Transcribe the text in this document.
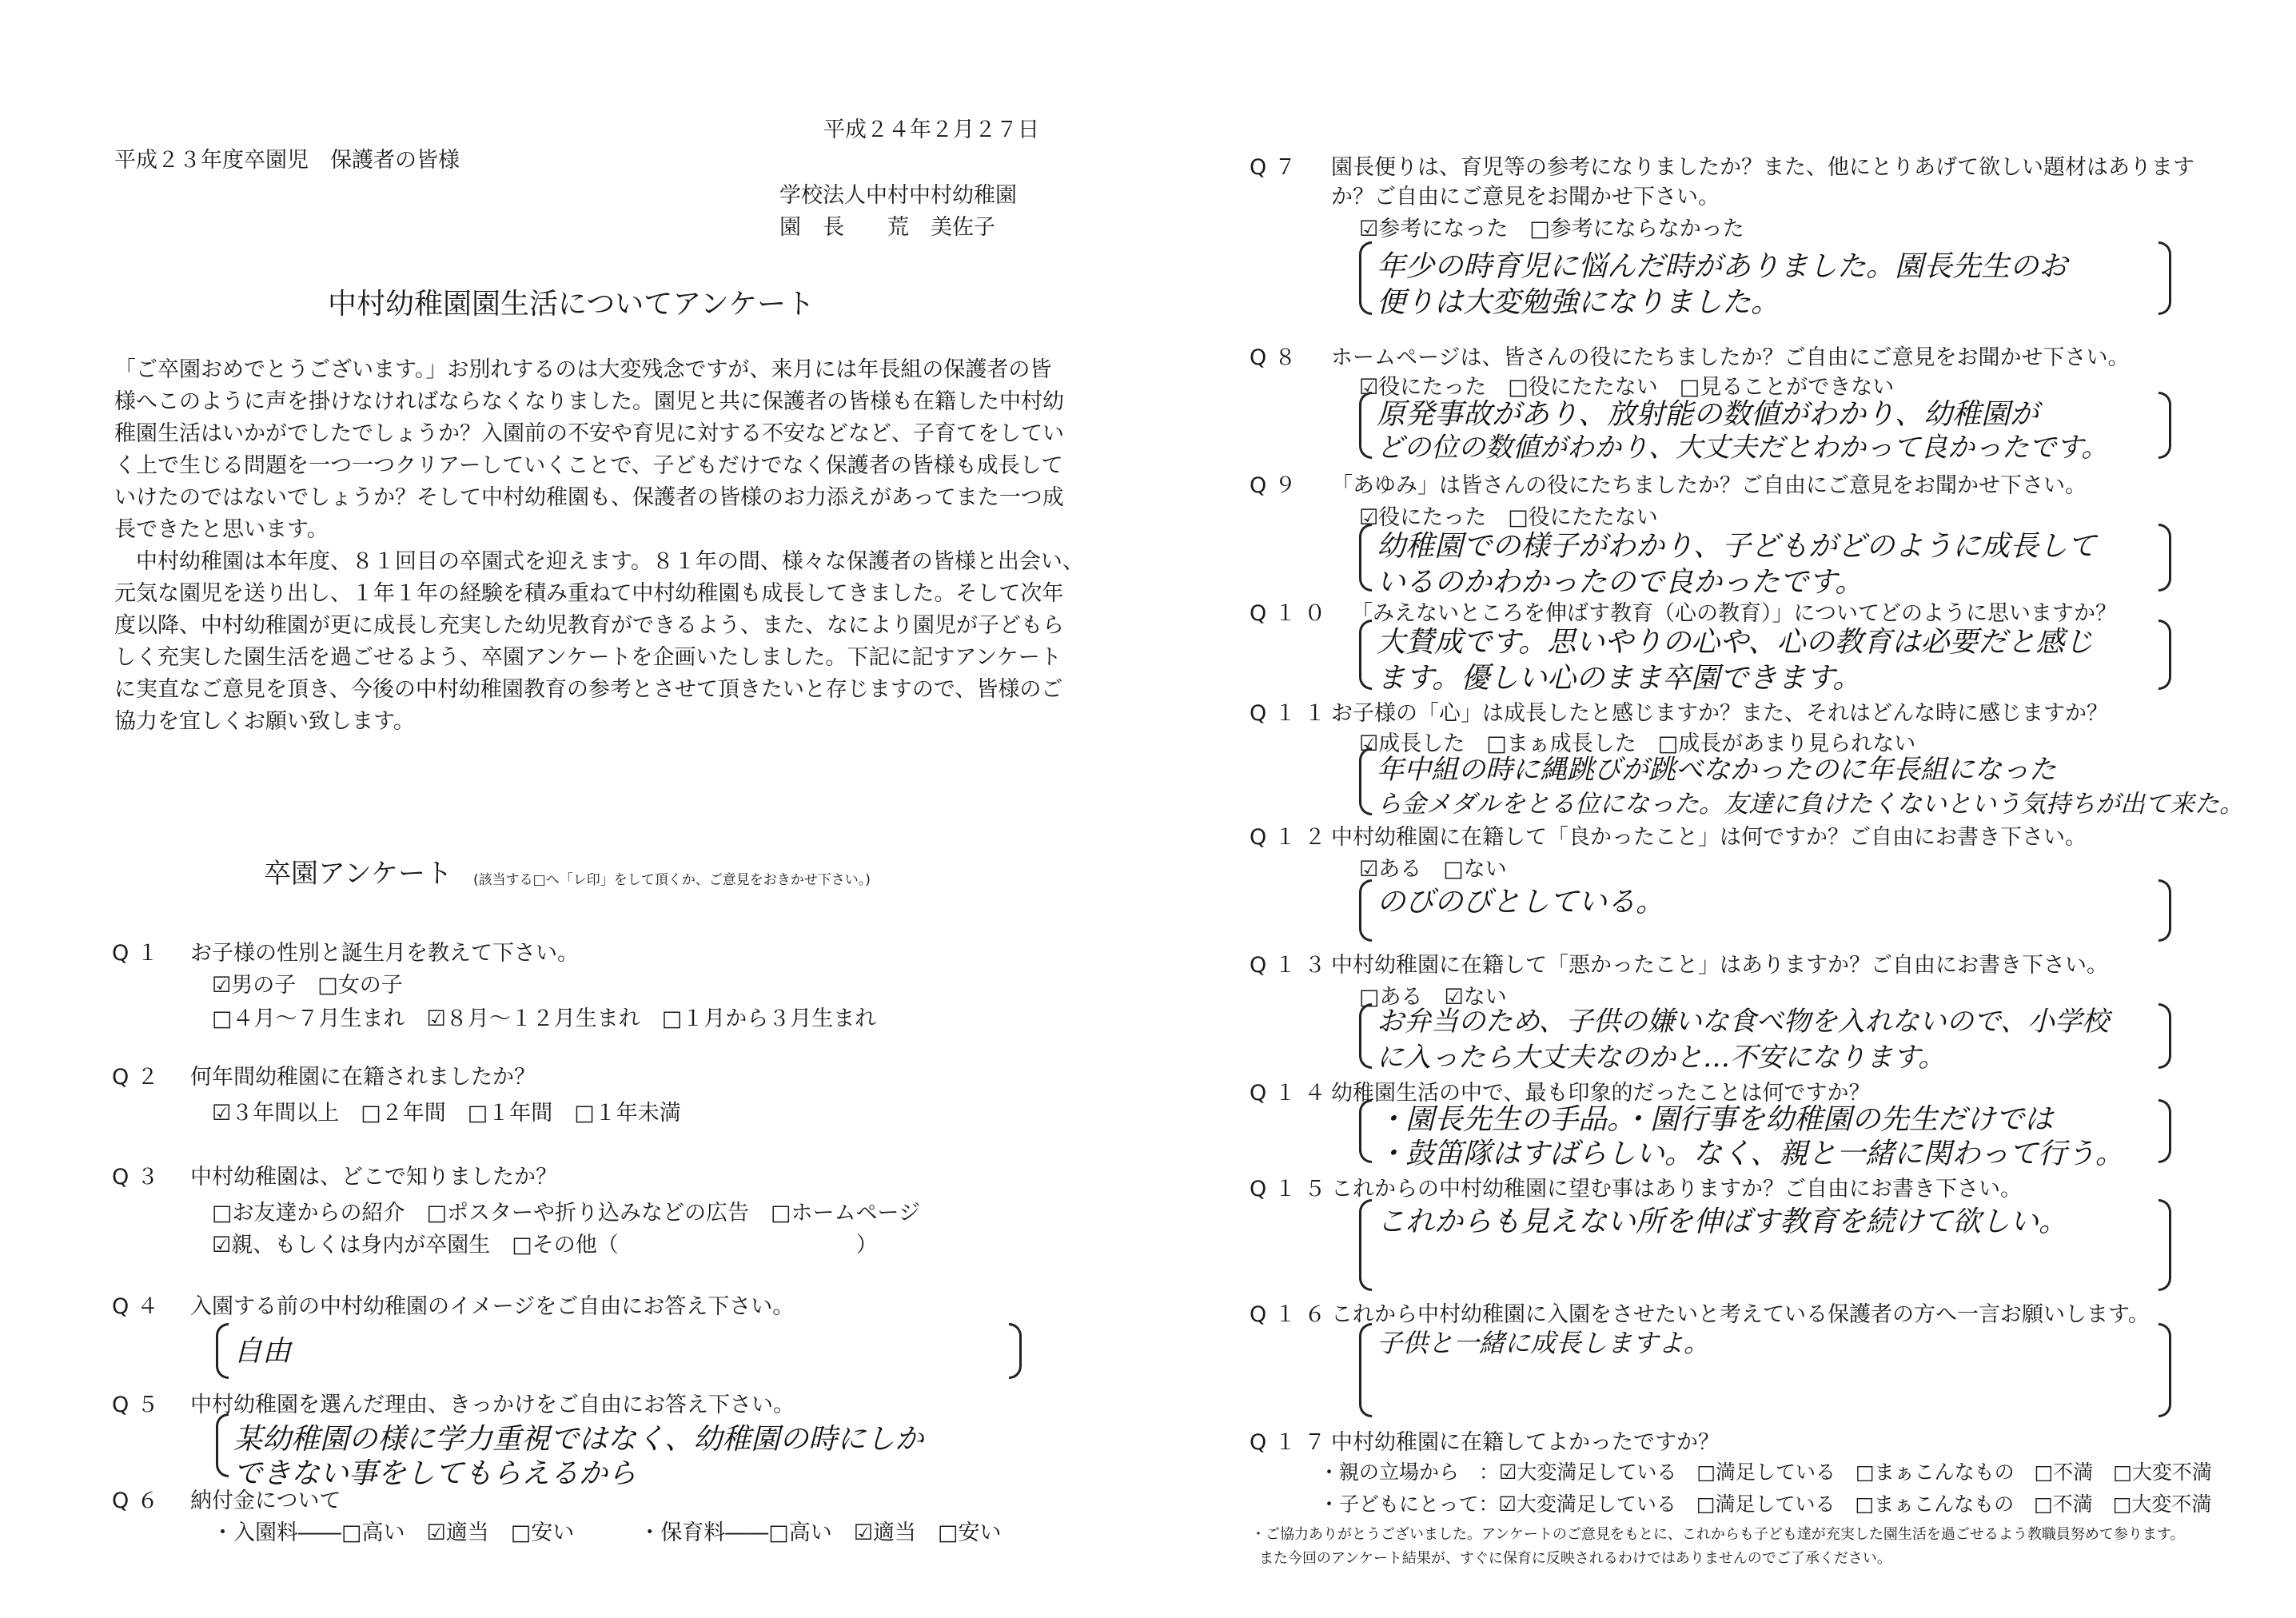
平成２４年２月２７日
平成２３年度卒園児　保護者の皆様
学校法人中村中村幼稚園
園　長　　荒　美佐子
中村幼稚園園生活についてアンケート
「ご卒園おめでとうございます。」お別れするのは大変残念ですが、来月には年長組の保護者の皆
様へこのように声を掛けなければならなくなりました。園児と共に保護者の皆様も在籍した中村幼
稚園生活はいかがでしたでしょうか？入園前の不安や育児に対する不安などなど、子育てをしてい
く上で生じる問題を一つ一つクリアーしていくことで、子どもだけでなく保護者の皆様も成長して
いけたのではないでしょうか？そして中村幼稚園も、保護者の皆様のお力添えがあってまた一つ成
長できたと思います。
　中村幼稚園は本年度、８１回目の卒園式を迎えます。８１年の間、様々な保護者の皆様と出会い、
元気な園児を送り出し、１年１年の経験を積み重ねて中村幼稚園も成長してきました。そして次年
度以降、中村幼稚園が更に成長し充実した幼児教育ができるよう、また、なにより園児が子どもら
しく充実した園生活を過ごせるよう、卒園アンケートを企画いたしました。下記に記すアンケート
に実直なご意見を頂き、今後の中村幼稚園教育の参考とさせて頂きたいと存じますので、皆様のご
協力を宜しくお願い致します。
卒園アンケート (該当する□へ「レ印」をして頂くか、ご意見をおきかせ下さい。)
Q１ お子様の性別と誕生月を教えて下さい。
☑男の子　□女の子
□４月～７月生まれ　☑８月～１２月生まれ　□１月から３月生まれ
Q２ 何年間幼稚園に在籍されましたか？
☑３年間以上　□２年間　□１年間　□１年未満
Q３ 中村幼稚園は、どこで知りましたか？
□お友達からの紹介　□ポスターや折り込みなどの広告　□ホームページ
☑親、もしくは身内が卒園生　□その他（　　　　　　　　　　　）
Q４ 入園する前の中村幼稚園のイメージをご自由にお答え下さい。
自由
Q５ 中村幼稚園を選んだ理由、きっかけをご自由にお答え下さい。
某幼稚園の様に学力重視ではなく、幼稚園の時にしか
できない事をしてもらえるから
Q６ 納付金について
・入園料――□高い　☑適当　□安い　　　・保育料――□高い　☑適当　□安い
Q７ 園長便りは、育児等の参考になりましたか？また、他にとりあげて欲しい題材はあります
か？ご自由にご意見をお聞かせ下さい。
☑参考になった　□参考にならなかった
年少の時育児に悩んだ時がありました。園長先生のお
便りは大変勉強になりました。
Q８ ホームページは、皆さんの役にたちましたか？ご自由にご意見をお聞かせ下さい。
☑役にたった　□役にたたない　□見ることができない
原発事故があり、放射能の数値がわかり、幼稚園が
どの位の数値がわかり、大丈夫だとわかって良かったです。
Q９ 「あゆみ」は皆さんの役にたちましたか？ご自由にご意見をお聞かせ下さい。
☑役にたった　□役にたたない
幼稚園での様子がわかり、子どもがどのように成長して
いるのかわかったので良かったです。
Q１０ 「みえないところを伸ばす教育（心の教育）」についてどのように思いますか？
大賛成です。思いやりの心や、心の教育は必要だと感じ
ます。優しい心のまま卒園できます。
Q１１
お子様の「心」は成長したと感じますか？また、それはどんな時に感じますか？
☑成長した　□まぁ成長した　□成長があまり見られない
年中組の時に縄跳びが跳べなかったのに年長組になった
ら金メダルをとる位になった。友達に負けたくないという気持ちが出て来た。
Q１２
中村幼稚園に在籍して「良かったこと」は何ですか？ご自由にお書き下さい。
☑ある　□ない
のびのびとしている。
Q１３
中村幼稚園に在籍して「悪かったこと」はありますか？ご自由にお書き下さい。
□ある　☑ない
お弁当のため、子供の嫌いな食べ物を入れないので、小学校
に入ったら大丈夫なのかと…不安になります。
Q１４
幼稚園生活の中で、最も印象的だったことは何ですか？
・園長先生の手品。・園行事を幼稚園の先生だけでは
・鼓笛隊はすばらしい。なく、親と一緒に関わって行う。
Q１５
これからの中村幼稚園に望む事はありますか？ご自由にお書き下さい。
これからも見えない所を伸ばす教育を続けて欲しい。
Q１６
これから中村幼稚園に入園をさせたいと考えている保護者の方へ一言お願いします。
子供と一緒に成長しますよ。
Q１７
中村幼稚園に在籍してよかったですか？
・親の立場から　：☑大変満足している　□満足している　□まぁこんなもの　□不満　□大変不満
・子どもにとって：☑大変満足している　□満足している　□まぁこんなもの　□不満　□大変不満
・ご協力ありがとうございました。アンケートのご意見をもとに、これからも子ども達が充実した園生活を過ごせるよう教職員努めて参ります。
また今回のアンケート結果が、すぐに保育に反映されるわけではありませんのでご了承ください。
